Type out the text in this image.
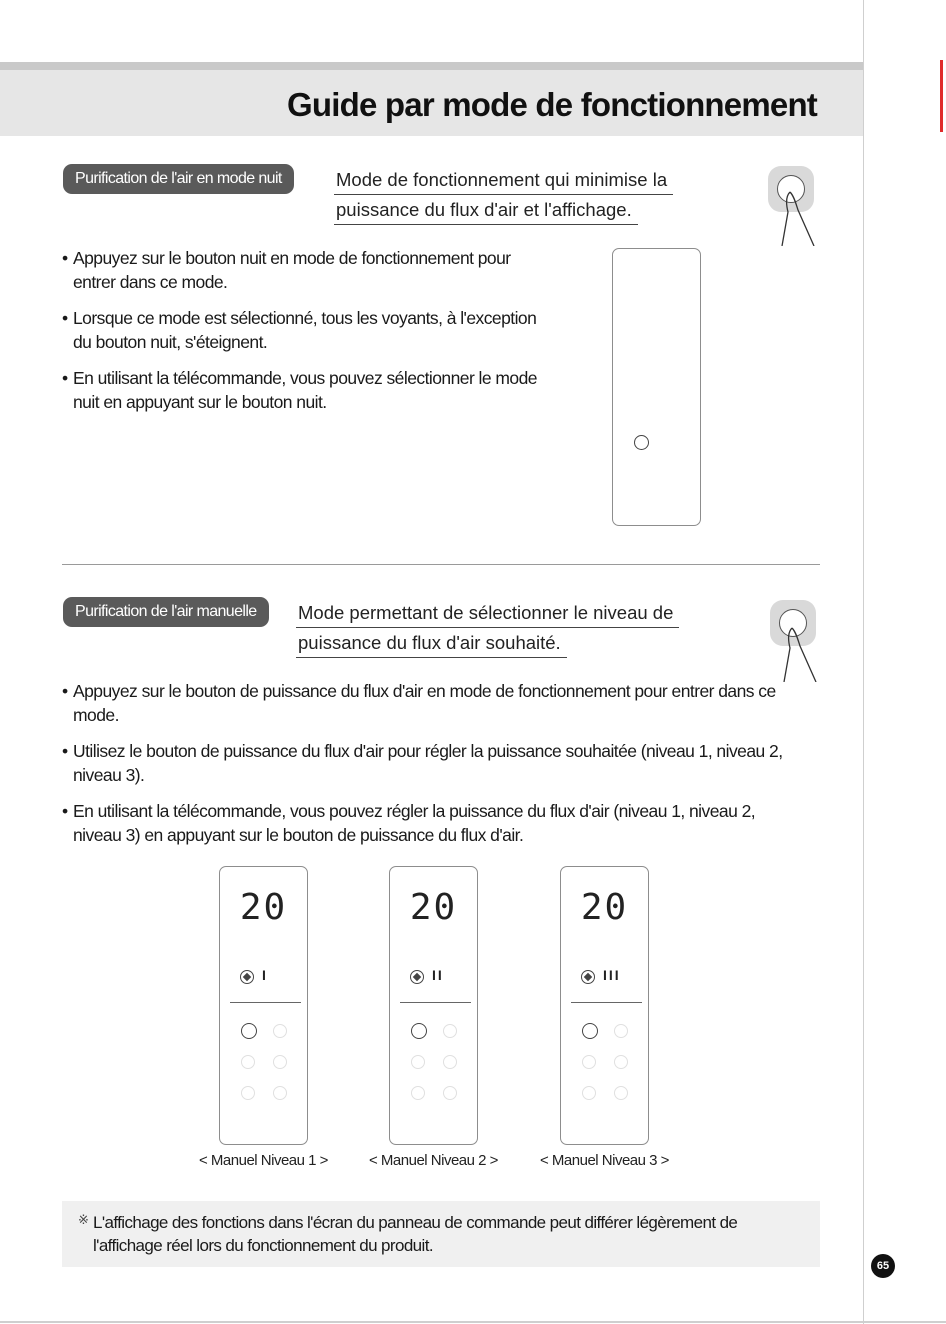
Guide par mode de fonctionnement
Purification de l'air en mode nuit	Mode de fonctionnement qui minimise la
puissance du flux d'air et l'affichage.
• Appuyez sur le bouton nuit en mode de fonctionnement pour
entrer dans ce mode.
• Lorsque ce mode est sélectionné, tous les voyants, à l'exception
du bouton nuit, s'éteignent.
• En utilisant la télécommande, vous pouvez sélectionner le mode
nuit en appuyant sur le bouton nuit.
Purification de l'air manuelle	Mode permettant de sélectionner le niveau de
puissance du flux d'air souhaité.
• Appuyez sur le bouton de puissance du flux d'air en mode de fonctionnement pour entrer dans ce
mode.
• Utilisez le bouton de puissance du flux d'air pour régler la puissance souhaitée (niveau 1, niveau 2,
niveau 3).
• En utilisant la télécommande, vous pouvez régler la puissance du flux d'air (niveau 1, niveau 2,
niveau 3) en appuyant sur le bouton de puissance du flux d'air.
20
I
< Manuel Niveau 1 >
20
II
< Manuel Niveau 2 >
20
III
< Manuel Niveau 3 >
※ L'affichage des fonctions dans l'écran du panneau de commande peut différer légèrement de
l'affichage réel lors du fonctionnement du produit.
65
